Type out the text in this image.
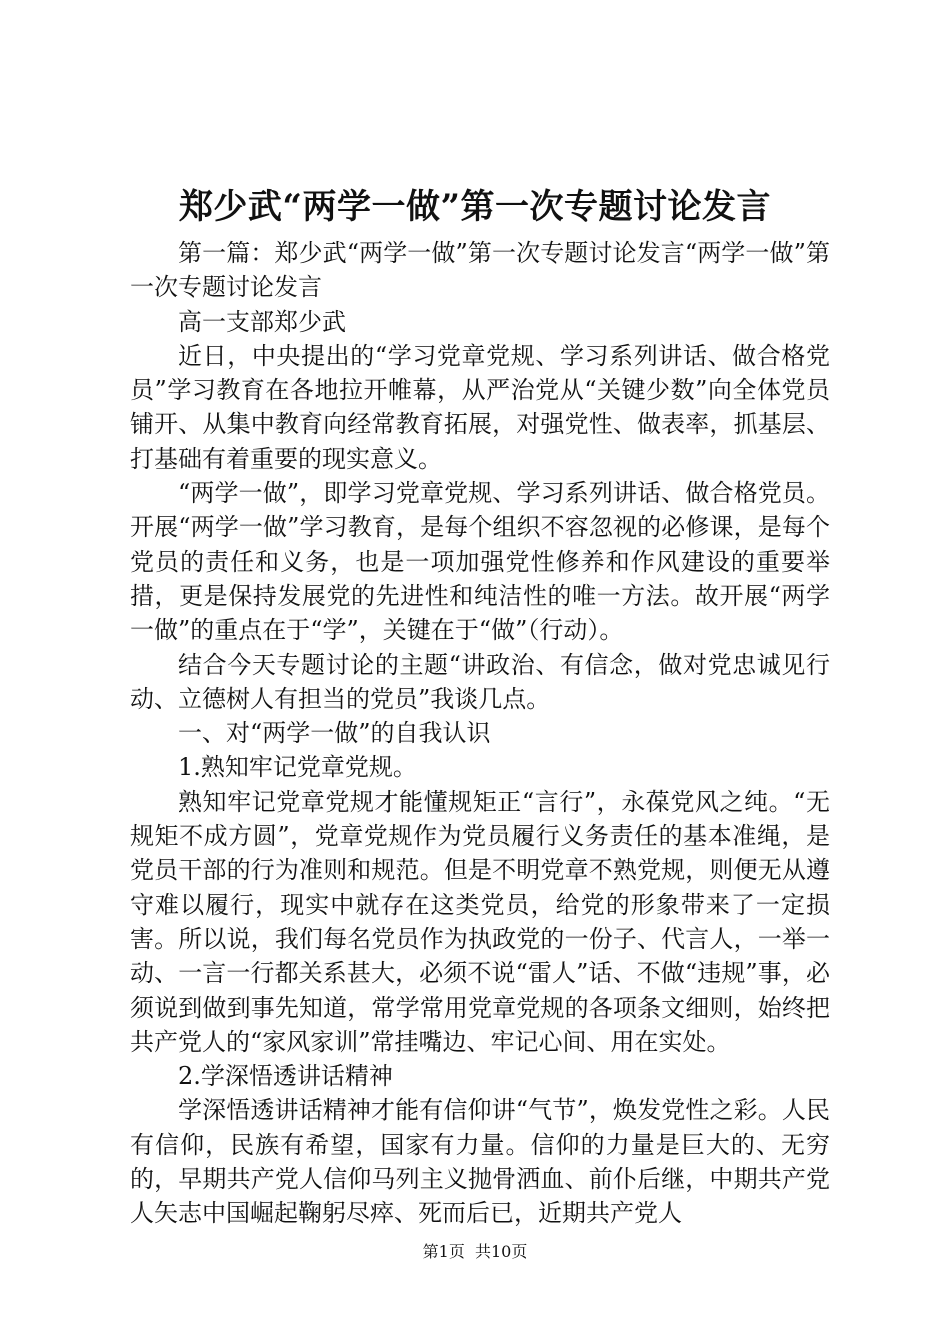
郑少武“两学一做”第一次专题讨论发言

第一篇：郑少武“两学一做”第一次专题讨论发言“两学一做”第一次专题讨论发言

高一支部郑少武

近日，中央提出的“学习党章党规、学习系列讲话、做合格党员”学习教育在各地拉开帷幕，从严治党从“关键少数”向全体党员铺开、从集中教育向经常教育拓展，对强党性、做表率，抓基层、打基础有着重要的现实意义。

“两学一做”，即学习党章党规、学习系列讲话、做合格党员。开展“两学一做”学习教育，是每个组织不容忽视的必修课，是每个党员的责任和义务，也是一项加强党性修养和作风建设的重要举措，更是保持发展党的先进性和纯洁性的唯一方法。故开展“两学一做”的重点在于“学”，关键在于“做”（行动）。

结合今天专题讨论的主题“讲政治、有信念，做对党忠诚见行动、立德树人有担当的党员”我谈几点。

一、对“两学一做”的自我认识

1.熟知牢记党章党规。

熟知牢记党章党规才能懂规矩正“言行”，永葆党风之纯。“无规矩不成方圆”，党章党规作为党员履行义务责任的基本准绳，是党员干部的行为准则和规范。但是不明党章不熟党规，则便无从遵守难以履行，现实中就存在这类党员，给党的形象带来了一定损害。所以说，我们每名党员作为执政党的一份子、代言人，一举一动、一言一行都关系甚大，必须不说“雷人”话、不做“违规”事，必须说到做到事先知道，常学常用党章党规的各项条文细则，始终把共产党人的“家风家训”常挂嘴边、牢记心间、用在实处。

2.学深悟透讲话精神

学深悟透讲话精神才能有信仰讲“气节”，焕发党性之彩。人民有信仰，民族有希望，国家有力量。信仰的力量是巨大的、无穷的，早期共产党人信仰马列主义抛骨洒血、前仆后继，中期共产党人矢志中国崛起鞠躬尽瘁、死而后已，近期共产党人

第1页  共10页
